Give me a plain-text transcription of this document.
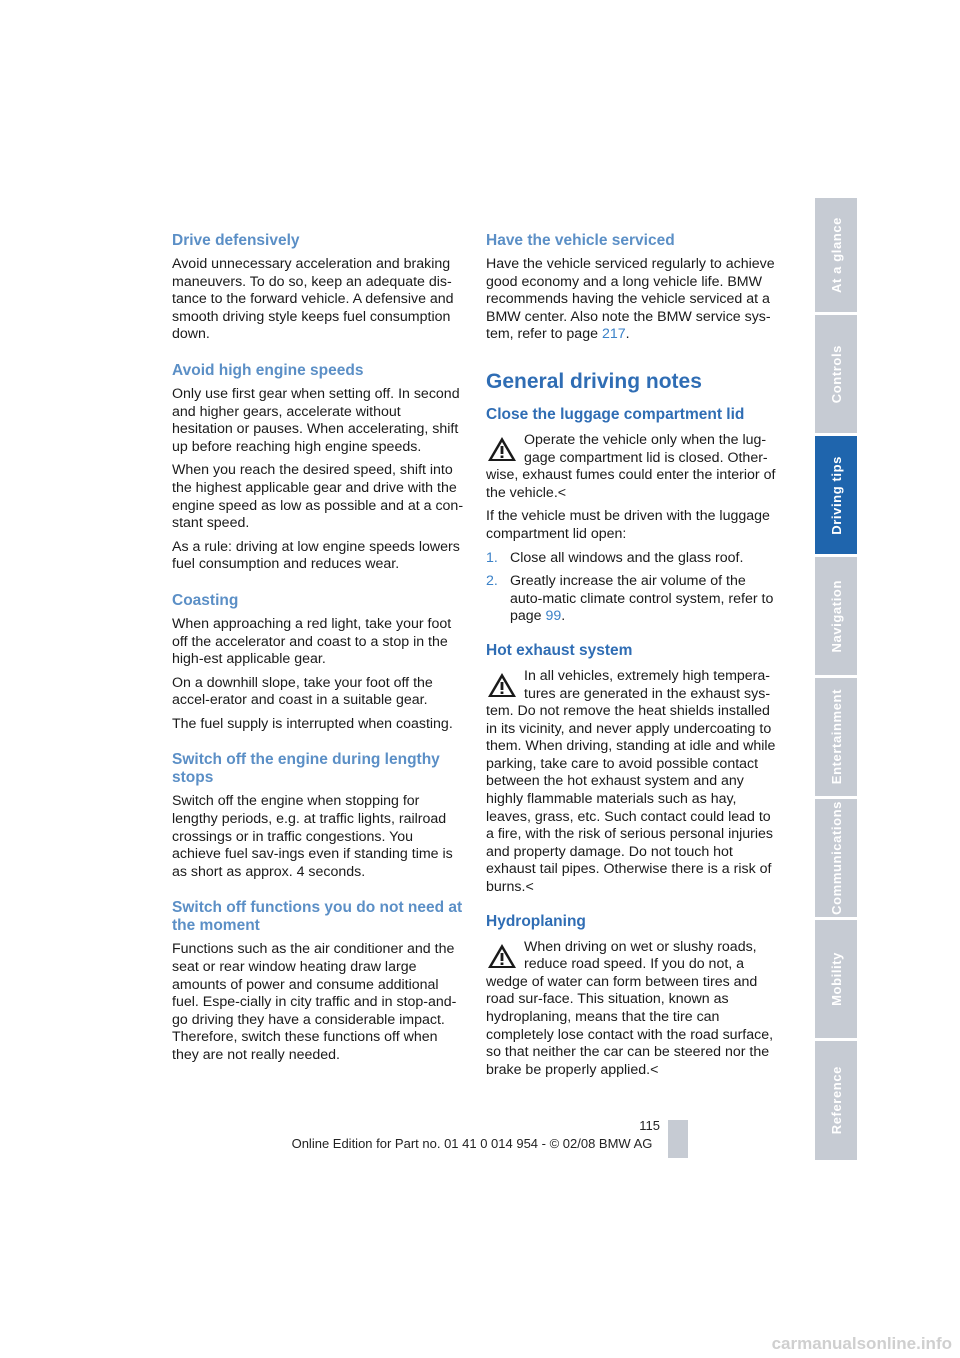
Drive defensively

Avoid unnecessary acceleration and braking maneuvers. To do so, keep an adequate dis-tance to the forward vehicle. A defensive and smooth driving style keeps fuel consumption down.

Avoid high engine speeds

Only use first gear when setting off. In second and higher gears, accelerate without hesitation or pauses. When accelerating, shift up before reaching high engine speeds.

When you reach the desired speed, shift into the highest applicable gear and drive with the engine speed as low as possible and at a con-stant speed.

As a rule: driving at low engine speeds lowers fuel consumption and reduces wear.

Coasting

When approaching a red light, take your foot off the accelerator and coast to a stop in the high-est applicable gear.

On a downhill slope, take your foot off the accel-erator and coast in a suitable gear.

The fuel supply is interrupted when coasting.

Switch off the engine during lengthy stops

Switch off the engine when stopping for lengthy periods, e.g. at traffic lights, railroad crossings or in traffic congestions. You achieve fuel sav-ings even if standing time is as short as approx. 4 seconds.

Switch off functions you do not need at the moment

Functions such as the air conditioner and the seat or rear window heating draw large amounts of power and consume additional fuel. Espe-cially in city traffic and in stop-and-go driving they have a considerable impact. Therefore, switch these functions off when they are not really needed.

Have the vehicle serviced

Have the vehicle serviced regularly to achieve good economy and a long vehicle life. BMW recommends having the vehicle serviced at a BMW center. Also note the BMW service sys-tem, refer to page 217.

General driving notes
Close the luggage compartment lid

Operate the vehicle only when the lug-gage compartment lid is closed. Other-wise, exhaust fumes could enter the interior of the vehicle.<

If the vehicle must be driven with the luggage compartment lid open:

1. Close all windows and the glass roof.
2. Greatly increase the air volume of the auto-matic climate control system, refer to page 99.
Hot exhaust system

In all vehicles, extremely high tempera-tures are generated in the exhaust sys-tem. Do not remove the heat shields installed in its vicinity, and never apply undercoating to them. When driving, standing at idle and while parking, take care to avoid possible contact between the hot exhaust system and any highly flammable materials such as hay, leaves, grass, etc. Such contact could lead to a fire, with the risk of serious personal injuries and property damage. Do not touch hot exhaust tail pipes. Otherwise there is a risk of burns.<

Hydroplaning

When driving on wet or slushy roads, reduce road speed. If you do not, a wedge of water can form between tires and road sur-face. This situation, known as hydroplaning, means that the tire can completely lose contact with the road surface, so that neither the car can be steered nor the brake be properly applied.<

At a glance
Controls
Driving tips
Navigation
Entertainment
Communications
Mobility
Reference
115
Online Edition for Part no. 01 41 0 014 954 - © 02/08 BMW AG
carmanualsonline.info
